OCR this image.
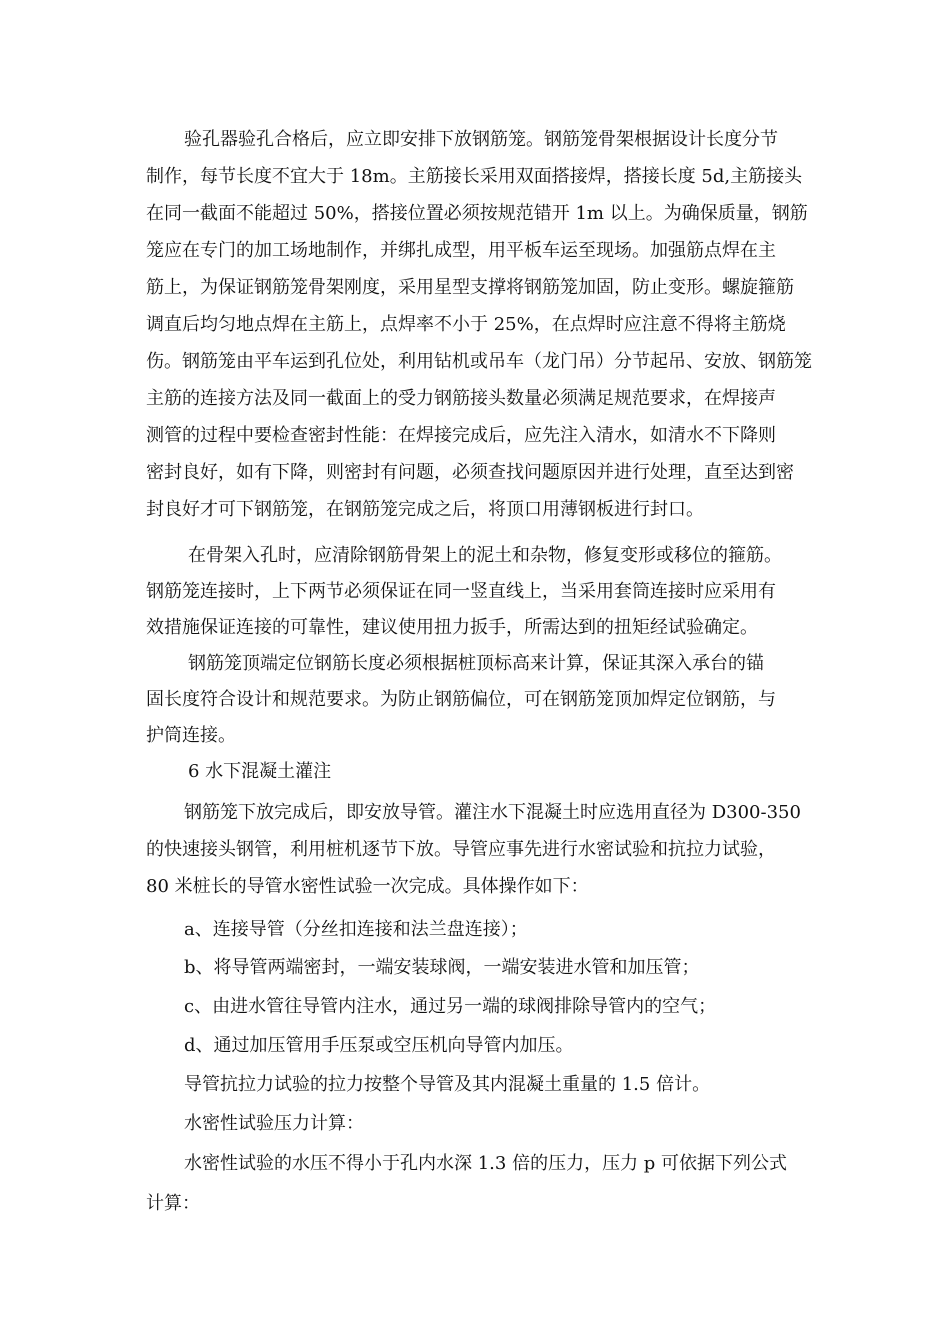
验孔器验孔合格后，应立即安排下放钢筋笼。钢筋笼骨架根据设计长度分节
制作，每节长度不宜大于 18m。主筋接长采用双面搭接焊，搭接长度 5d,主筋接头
在同一截面不能超过 50%，搭接位置必须按规范错开 1m 以上。为确保质量，钢筋
笼应在专门的加工场地制作，并绑扎成型，用平板车运至现场。加强筋点焊在主
筋上，为保证钢筋笼骨架刚度，采用星型支撑将钢筋笼加固，防止变形。螺旋箍筋
调直后均匀地点焊在主筋上，点焊率不小于 25%，在点焊时应注意不得将主筋烧
伤。钢筋笼由平车运到孔位处，利用钻机或吊车（龙门吊）分节起吊、安放、钢筋笼
主筋的连接方法及同一截面上的受力钢筋接头数量必须满足规范要求，在焊接声
测管的过程中要检查密封性能：在焊接完成后，应先注入清水，如清水不下降则
密封良好，如有下降，则密封有问题，必须查找问题原因并进行处理，直至达到密
封良好才可下钢筋笼，在钢筋笼完成之后，将顶口用薄钢板进行封口。
在骨架入孔时，应清除钢筋骨架上的泥土和杂物，修复变形或移位的箍筋。
钢筋笼连接时，上下两节必须保证在同一竖直线上，当采用套筒连接时应采用有
效措施保证连接的可靠性，建议使用扭力扳手，所需达到的扭矩经试验确定。
钢筋笼顶端定位钢筋长度必须根据桩顶标高来计算，保证其深入承台的锚
固长度符合设计和规范要求。为防止钢筋偏位，可在钢筋笼顶加焊定位钢筋，与
护筒连接。
6 水下混凝土灌注
钢筋笼下放完成后，即安放导管。灌注水下混凝土时应选用直径为 D300-350
的快速接头钢管，利用桩机逐节下放。导管应事先进行水密试验和抗拉力试验，
80 米桩长的导管水密性试验一次完成。具体操作如下：
a、连接导管（分丝扣连接和法兰盘连接）；
b、将导管两端密封，一端安装球阀，一端安装进水管和加压管；
c、由进水管往导管内注水，通过另一端的球阀排除导管内的空气；
d、通过加压管用手压泵或空压机向导管内加压。
导管抗拉力试验的拉力按整个导管及其内混凝土重量的 1.5 倍计。
水密性试验压力计算：
水密性试验的水压不得小于孔内水深 1.3 倍的压力，压力 p 可依据下列公式
计算：
